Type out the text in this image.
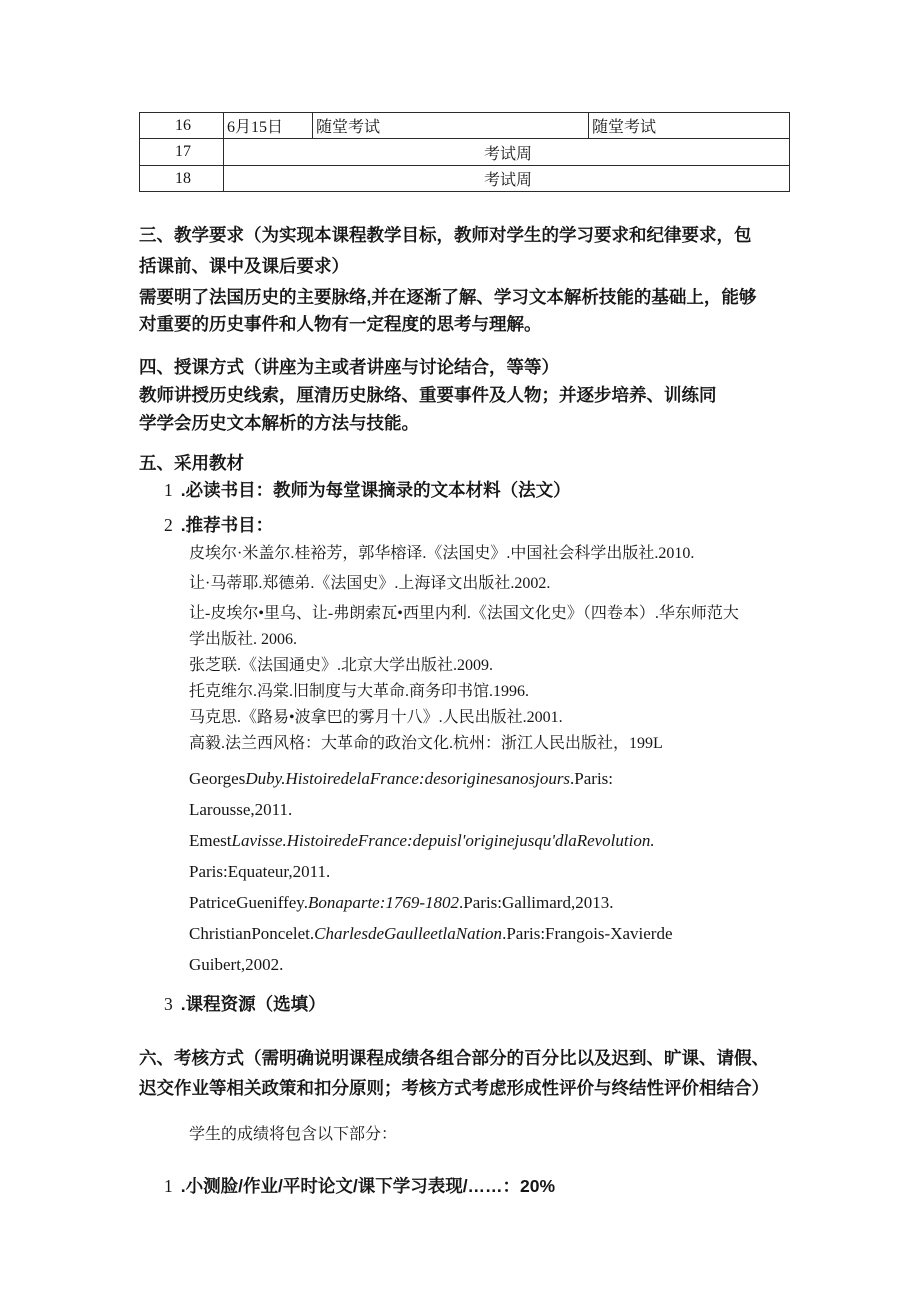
16	6月15日	随堂考试	随堂考试
17	考试周		
18	考试周		
三、教学要求（为实现本课程教学目标，教师对学生的学习要求和纪律要求，包
括课前、课中及课后要求）
需要明了法国历史的主要脉络,并在逐渐了解、学习文本解析技能的基础上，能够
对重要的历史事件和人物有一定程度的思考与理解。
四、授课方式（讲座为主或者讲座与讨论结合，等等）
教师讲授历史线索，厘清历史脉络、重要事件及人物；并逐步培养、训练同
学学会历史文本解析的方法与技能。
五、采用教材
1 .必读书目：教师为每堂课摘录的文本材料（法文）
2 .推荐书目：
皮埃尔·米盖尔.桂裕芳，郭华榕译.《法国史》.中国社会科学出版社.2010.
让·马蒂耶.郑德弟.《法国史》.上海译文出版社.2002.
让-皮埃尔•里乌、让-弗朗索瓦•西里内利.《法国文化史》（四卷本）.华东师范大
学出版社. 2006.
张芝联.《法国通史》.北京大学出版社.2009.
托克维尔.冯棠.旧制度与大革命.商务印书馆.1996.
马克思.《路易•波拿巴的雾月十八》.人民出版社.2001.
高毅.法兰西风格：大革命的政治文化.杭州：浙江人民出版社，199L
GeorgesDuby.HistoiredelaFrance:desoriginesanosjours.Paris:
Larousse,2011.
EmestLavisse.HistoiredeFrance:depuisl'originejusqu'dlaRevolution.
Paris:Equateur,2011.
PatriceGueniffey.Bonaparte:1769-1802.Paris:Gallimard,2013.
ChristianPoncelet.CharlesdeGaulleetlaNation.Paris:Frangois-Xavierde
Guibert,2002.
3 .课程资源（选填）
六、考核方式（需明确说明课程成绩各组合部分的百分比以及迟到、旷课、请假、
迟交作业等相关政策和扣分原则；考核方式考虑形成性评价与终结性评价相结合）
学生的成绩将包含以下部分：
1 .小测脸/作业/平时论文/课下学习表现/……：20%
